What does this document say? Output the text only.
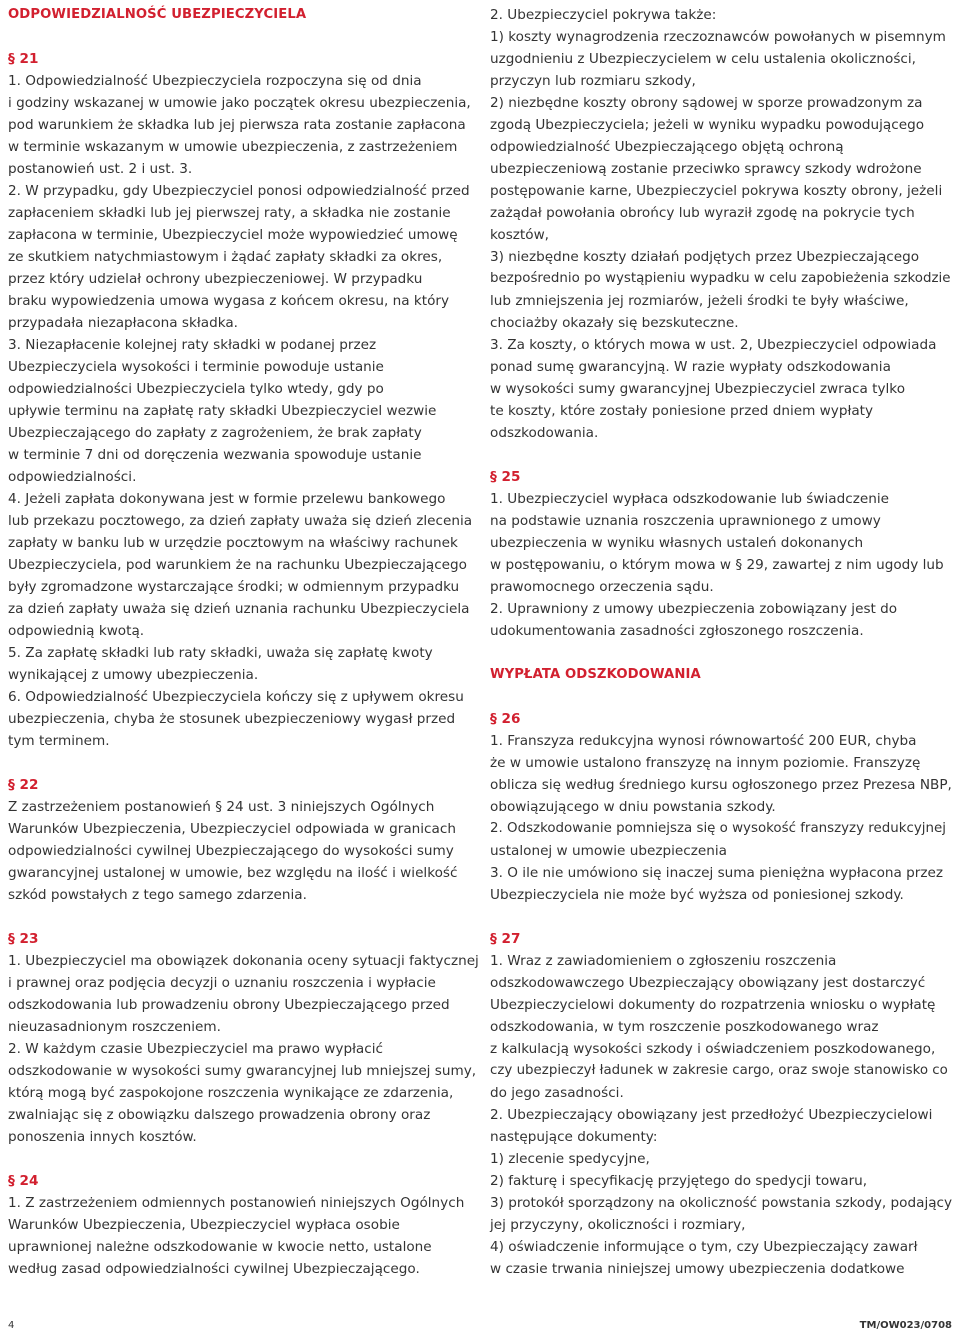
ODPOWIEDZIALNOŚĆ UBEZPIECZYCIELA
§ 21
1. Odpowiedzialność Ubezpieczyciela rozpoczyna się od dnia
i godziny wskazanej w umowie jako początek okresu ubezpieczenia,
pod warunkiem że składka lub jej pierwsza rata zostanie zapłacona
w terminie wskazanym w umowie ubezpieczenia, z zastrzeżeniem
postanowień ust. 2 i ust. 3.
2. W przypadku, gdy Ubezpieczyciel ponosi odpowiedzialność przed
zapłaceniem składki lub jej pierwszej raty, a składka nie zostanie
zapłacona w terminie, Ubezpieczyciel może wypowiedzieć umowę
ze skutkiem natychmiastowym i żądać zapłaty składki za okres,
przez który udzielał ochrony ubezpieczeniowej. W przypadku
braku wypowiedzenia umowa wygasa z końcem okresu, na który
przypadała niezapłacona składka.
3. Niezapłacenie kolejnej raty składki w podanej przez
Ubezpieczyciela wysokości i terminie powoduje ustanie
odpowiedzialności Ubezpieczyciela tylko wtedy, gdy po
upływie terminu na zapłatę raty składki Ubezpieczyciel wezwie
Ubezpieczającego do zapłaty z zagrożeniem, że brak zapłaty
w terminie 7 dni od doręczenia wezwania spowoduje ustanie
odpowiedzialności.
4. Jeżeli zapłata dokonywana jest w formie przelewu bankowego
lub przekazu pocztowego, za dzień zapłaty uważa się dzień zlecenia
zapłaty w banku lub w urzędzie pocztowym na właściwy rachunek
Ubezpieczyciela, pod warunkiem że na rachunku Ubezpieczającego
były zgromadzone wystarczające środki; w odmiennym przypadku
za dzień zapłaty uważa się dzień uznania rachunku Ubezpieczyciela
odpowiednią kwotą.
5. Za zapłatę składki lub raty składki, uważa się zapłatę kwoty
wynikającej z umowy ubezpieczenia.
6. Odpowiedzialność Ubezpieczyciela kończy się z upływem okresu
ubezpieczenia, chyba że stosunek ubezpieczeniowy wygasł przed
tym terminem.
§ 22
Z zastrzeżeniem postanowień § 24 ust. 3 niniejszych Ogólnych
Warunków Ubezpieczenia, Ubezpieczyciel odpowiada w granicach
odpowiedzialności cywilnej Ubezpieczającego do wysokości sumy
gwarancyjnej ustalonej w umowie, bez względu na ilość i wielkość
szkód powstałych z tego samego zdarzenia.
§ 23
1. Ubezpieczyciel ma obowiązek dokonania oceny sytuacji faktycznej
i prawnej oraz podjęcia decyzji o uznaniu roszczenia i wypłacie
odszkodowania lub prowadzeniu obrony Ubezpieczającego przed
nieuzasadnionym roszczeniem.
2. W każdym czasie Ubezpieczyciel ma prawo wypłacić
odszkodowanie w wysokości sumy gwarancyjnej lub mniejszej sumy,
którą mogą być zaspokojone roszczenia wynikające ze zdarzenia,
zwalniając się z obowiązku dalszego prowadzenia obrony oraz
ponoszenia innych kosztów.
§ 24
1. Z zastrzeżeniem odmiennych postanowień niniejszych Ogólnych
Warunków Ubezpieczenia, Ubezpieczyciel wypłaca osobie
uprawnionej należne odszkodowanie w kwocie netto, ustalone
według zasad odpowiedzialności cywilnej Ubezpieczającego.
2. Ubezpieczyciel pokrywa także:
1) koszty wynagrodzenia rzeczoznawców powołanych w pisemnym
uzgodnieniu z Ubezpieczycielem w celu ustalenia okoliczności,
przyczyn lub rozmiaru szkody,
2) niezbędne koszty obrony sądowej w sporze prowadzonym za
zgodą Ubezpieczyciela; jeżeli w wyniku wypadku powodującego
odpowiedzialność Ubezpieczającego objętą ochroną
ubezpieczeniową zostanie przeciwko sprawcy szkody wdrożone
postępowanie karne, Ubezpieczyciel pokrywa koszty obrony, jeżeli
zażądał powołania obrońcy lub wyraził zgodę na pokrycie tych
kosztów,
3) niezbędne koszty działań podjętych przez Ubezpieczającego
bezpośrednio po wystąpieniu wypadku w celu zapobieżenia szkodzie
lub zmniejszenia jej rozmiarów, jeżeli środki te były właściwe,
chociażby okazały się bezskuteczne.
3. Za koszty, o których mowa w ust. 2, Ubezpieczyciel odpowiada
ponad sumę gwarancyjną. W razie wypłaty odszkodowania
w wysokości sumy gwarancyjnej Ubezpieczyciel zwraca tylko
te koszty, które zostały poniesione przed dniem wypłaty
odszkodowania.
§ 25
1. Ubezpieczyciel wypłaca odszkodowanie lub świadczenie
na podstawie uznania roszczenia uprawnionego z umowy
ubezpieczenia w wyniku własnych ustaleń dokonanych
w postępowaniu, o którym mowa w § 29, zawartej z nim ugody lub
prawomocnego orzeczenia sądu.
2. Uprawniony z umowy ubezpieczenia zobowiązany jest do
udokumentowania zasadności zgłoszonego roszczenia.
WYPŁATA ODSZKODOWANIA
§ 26
1. Franszyza redukcyjna wynosi równowartość 200 EUR, chyba
że w umowie ustalono franszyzę na innym poziomie. Franszyzę
oblicza się według średniego kursu ogłoszonego przez Prezesa NBP,
obowiązującego w dniu powstania szkody.
2. Odszkodowanie pomniejsza się o wysokość franszyzy redukcyjnej
ustalonej w umowie ubezpieczenia
3. O ile nie umówiono się inaczej suma pieniężna wypłacona przez
Ubezpieczyciela nie może być wyższa od poniesionej szkody.
§ 27
1. Wraz z zawiadomieniem o zgłoszeniu roszczenia
odszkodowawczego Ubezpieczający obowiązany jest dostarczyć
Ubezpieczycielowi dokumenty do rozpatrzenia wniosku o wypłatę
odszkodowania, w tym roszczenie poszkodowanego wraz
z kalkulacją wysokości szkody i oświadczeniem poszkodowanego,
czy ubezpieczył ładunek w zakresie cargo, oraz swoje stanowisko co
do jego zasadności.
2. Ubezpieczający obowiązany jest przedłożyć Ubezpieczycielowi
następujące dokumenty:
1) zlecenie spedycyjne,
2) fakturę i specyfikację przyjętego do spedycji towaru,
3) protokół sporządzony na okoliczność powstania szkody, podający
jej przyczyny, okoliczności i rozmiary,
4) oświadczenie informujące o tym, czy Ubezpieczający zawarł
w czasie trwania niniejszej umowy ubezpieczenia dodatkowe
4	TM/OW023/0708
